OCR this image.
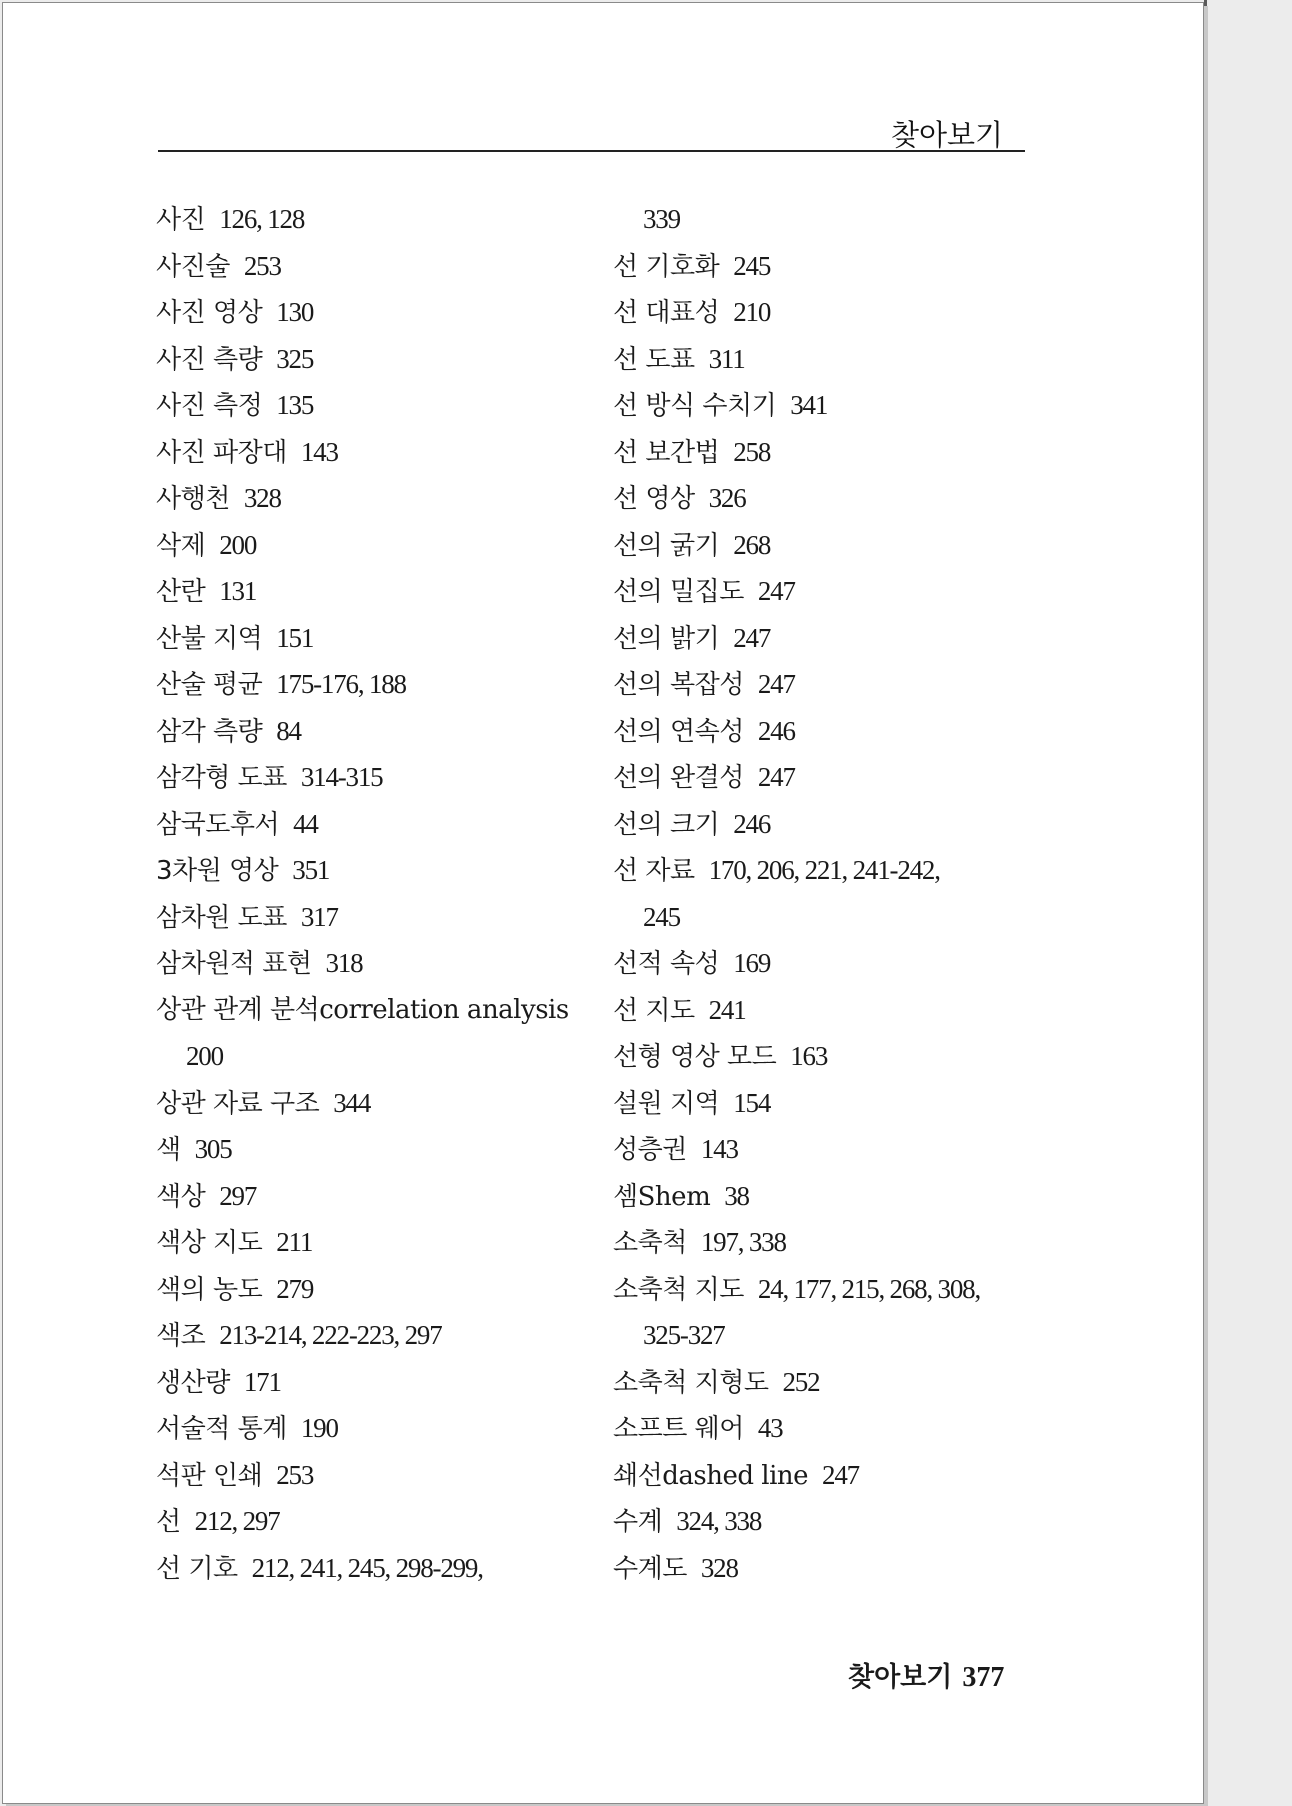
찾아보기
사진 126, 128
사진술 253
사진 영상 130
사진 측량 325
사진 측정 135
사진 파장대 143
사행천 328
삭제 200
산란 131
산불 지역 151
산술 평균 175-176, 188
삼각 측량 84
삼각형 도표 314-315
삼국도후서 44
3차원 영상 351
삼차원 도표 317
삼차원적 표현 318
상관 관계 분석correlation analysis
200
상관 자료 구조 344
색 305
색상 297
색상 지도 211
색의 농도 279
색조 213-214, 222-223, 297
생산량 171
서술적 통계 190
석판 인쇄 253
선 212, 297
선 기호 212, 241, 245, 298-299,
339
선 기호화 245
선 대표성 210
선 도표 311
선 방식 수치기 341
선 보간법 258
선 영상 326
선의 굵기 268
선의 밀집도 247
선의 밝기 247
선의 복잡성 247
선의 연속성 246
선의 완결성 247
선의 크기 246
선 자료 170, 206, 221, 241-242,
245
선적 속성 169
선 지도 241
선형 영상 모드 163
설원 지역 154
성층권 143
셈Shem 38
소축척 197, 338
소축척 지도 24, 177, 215, 268, 308,
325-327
소축척 지형도 252
소프트 웨어 43
쇄선dashed line 247
수계 324, 338
수계도 328
찾아보기 377
